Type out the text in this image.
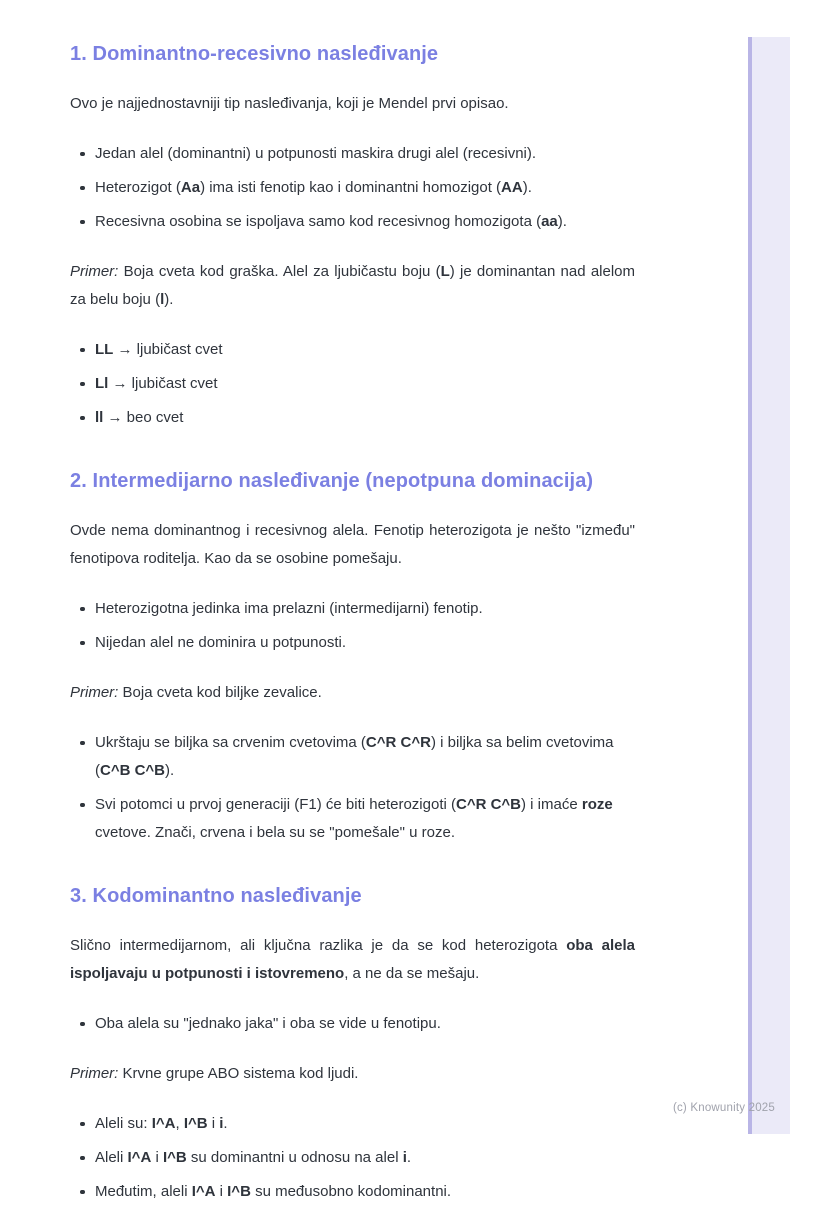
1. Dominantno-recesivno nasleđivanje

Ovo je najjednostavniji tip nasleđivanja, koji je Mendel prvi opisao.

Jedan alel (dominantni) u potpunosti maskira drugi alel (recesivni).
Heterozigot (Aa) ima isti fenotip kao i dominantni homozigot (AA).
Recesivna osobina se ispoljava samo kod recesivnog homozigota (aa).

Primer: Boja cveta kod graška. Alel za ljubičastu boju (L) je dominantan nad alelom za belu boju (l).

LL → ljubičast cvet
Ll → ljubičast cvet
ll → beo cvet
2. Intermedijarno nasleđivanje (nepotpuna dominacija)

Ovde nema dominantnog i recesivnog alela. Fenotip heterozigota je nešto "između" fenotipova roditelja. Kao da se osobine pomešaju.

Heterozigotna jedinka ima prelazni (intermedijarni) fenotip.
Nijedan alel ne dominira u potpunosti.

Primer: Boja cveta kod biljke zevalice.

Ukrštaju se biljka sa crvenim cvetovima (C^R C^R) i biljka sa belim cvetovima (C^B C^B).
Svi potomci u prvoj generaciji (F1) će biti heterozigoti (C^R C^B) i imaće roze cvetove. Znači, crvena i bela su se "pomešale" u roze.
3. Kodominantno nasleđivanje

Slično intermedijarnom, ali ključna razlika je da se kod heterozigota oba alela ispoljavaju u potpunosti i istovremeno, a ne da se mešaju.

Oba alela su "jednako jaka" i oba se vide u fenotipu.

Primer: Krvne grupe ABO sistema kod ljudi.

Aleli su: I^A, I^B i i.
Aleli I^A i I^B su dominantni u odnosu na alel i.
Međutim, aleli I^A i I^B su međusobno kodominantni.
(c) Knowunity 2025
